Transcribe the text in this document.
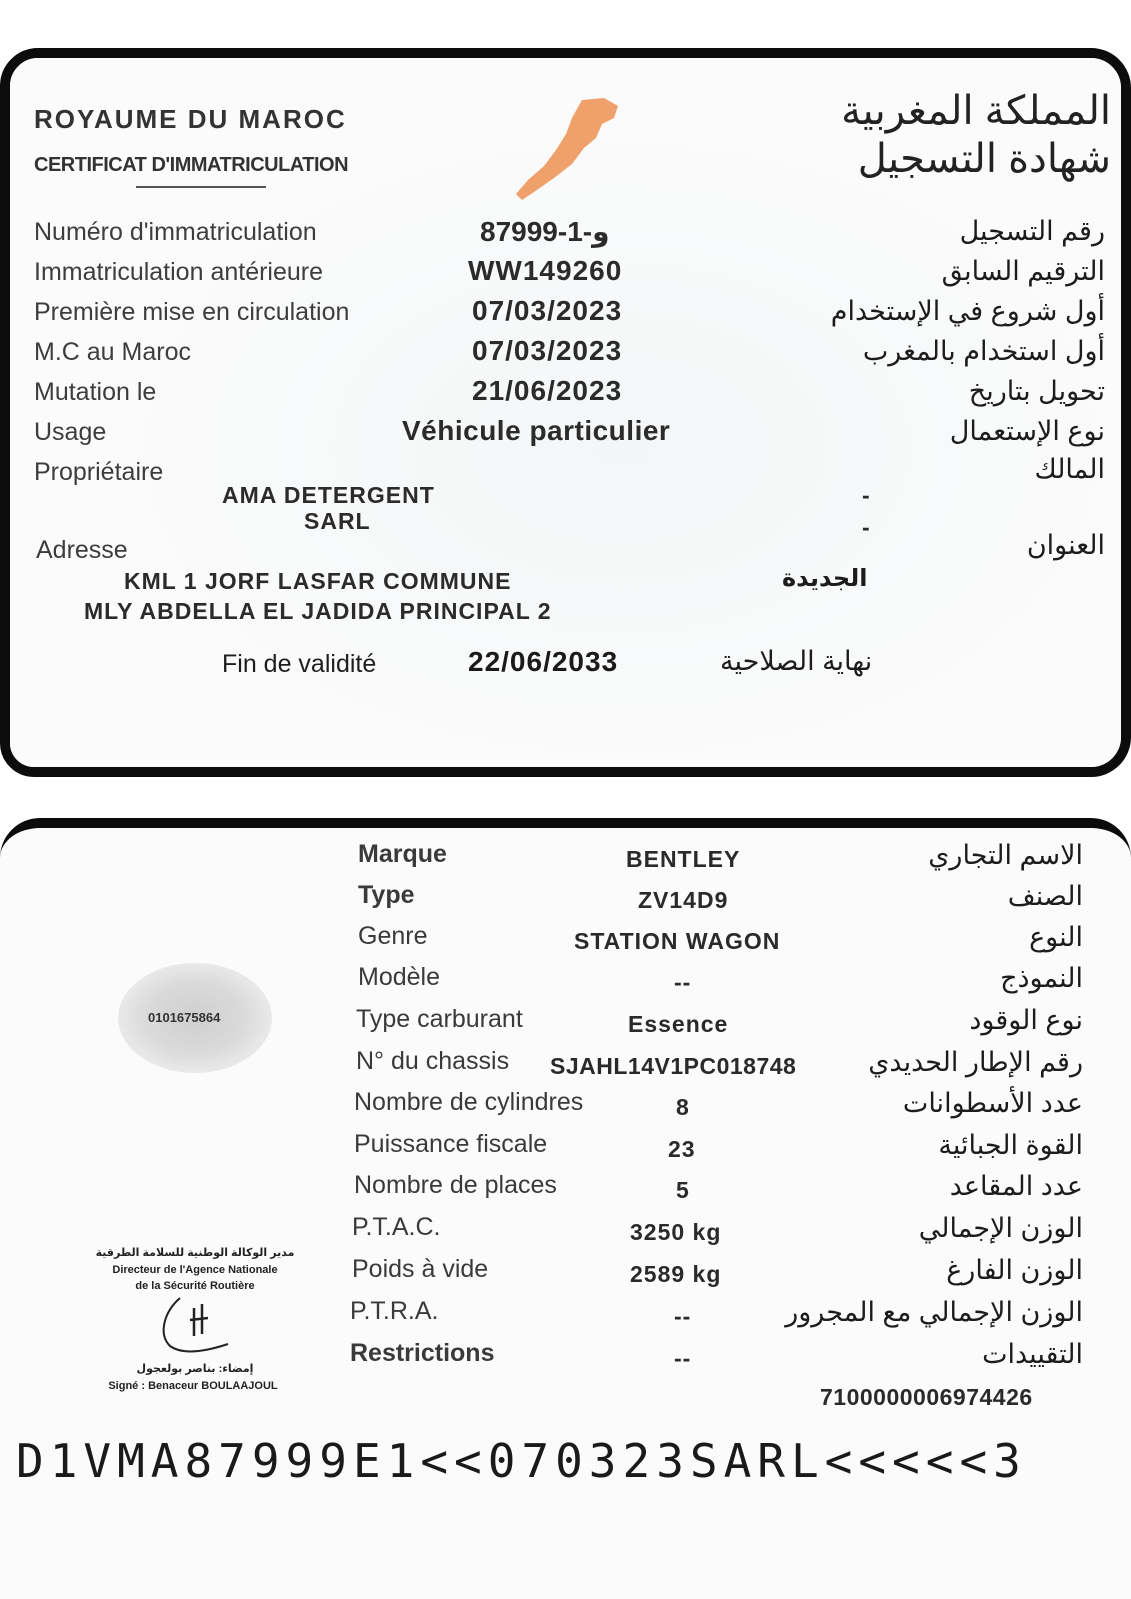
ROYAUME DU MAROC
CERTIFICAT D'IMMATRICULATION
المملكة المغربية
شهادة التسجيل
Numéro d'immatriculation	87999-و-1	رقم التسجيل
Immatriculation antérieure	WW149260	الترقيم السابق
Première mise en circulation	07/03/2023	أول شروع في الإستخدام
M.C au Maroc	07/03/2023	أول استخدام بالمغرب
Mutation le	21/06/2023	تحويل بتاريخ
Usage	Véhicule particulier	نوع الإستعمال
Propriétaire	المالك
AMA DETERGENT
SARL
-
-
Adresse	العنوان
KML 1 JORF LASFAR COMMUNE
MLY ABDELLA EL JADIDA PRINCIPAL 2
الجديدة
Fin de validité	22/06/2033	نهاية الصلاحية
0101675864
Marque	BENTLEY	الاسم التجاري
Type	ZV14D9	الصنف
Genre	STATION WAGON	النوع
Modèle	--	النموذج
Type carburant	Essence	نوع الوقود
N° du chassis SJAHL14V1PC018748	رقم الإطار الحديدي
Nombre de cylindres	8	عدد الأسطوانات
Puissance fiscale	23	القوة الجبائية
Nombre de places	5	عدد المقاعد
P.T.A.C.	3250 kg	الوزن الإجمالي
Poids à vide	2589 kg	الوزن الفارغ
P.T.R.A.	--	الوزن الإجمالي مع المجرور
Restrictions	--	التقييدات
7100000006974426
مدير الوكالة الوطنية للسلامة الطرقية
Directeur de l'Agence Nationale
de la Sécurité Routière
إمضاء: بناصر بولعجول
Signé : Benaceur BOULAAJOUL
D1VMA87999E1<<070323SARL<<<<<3
